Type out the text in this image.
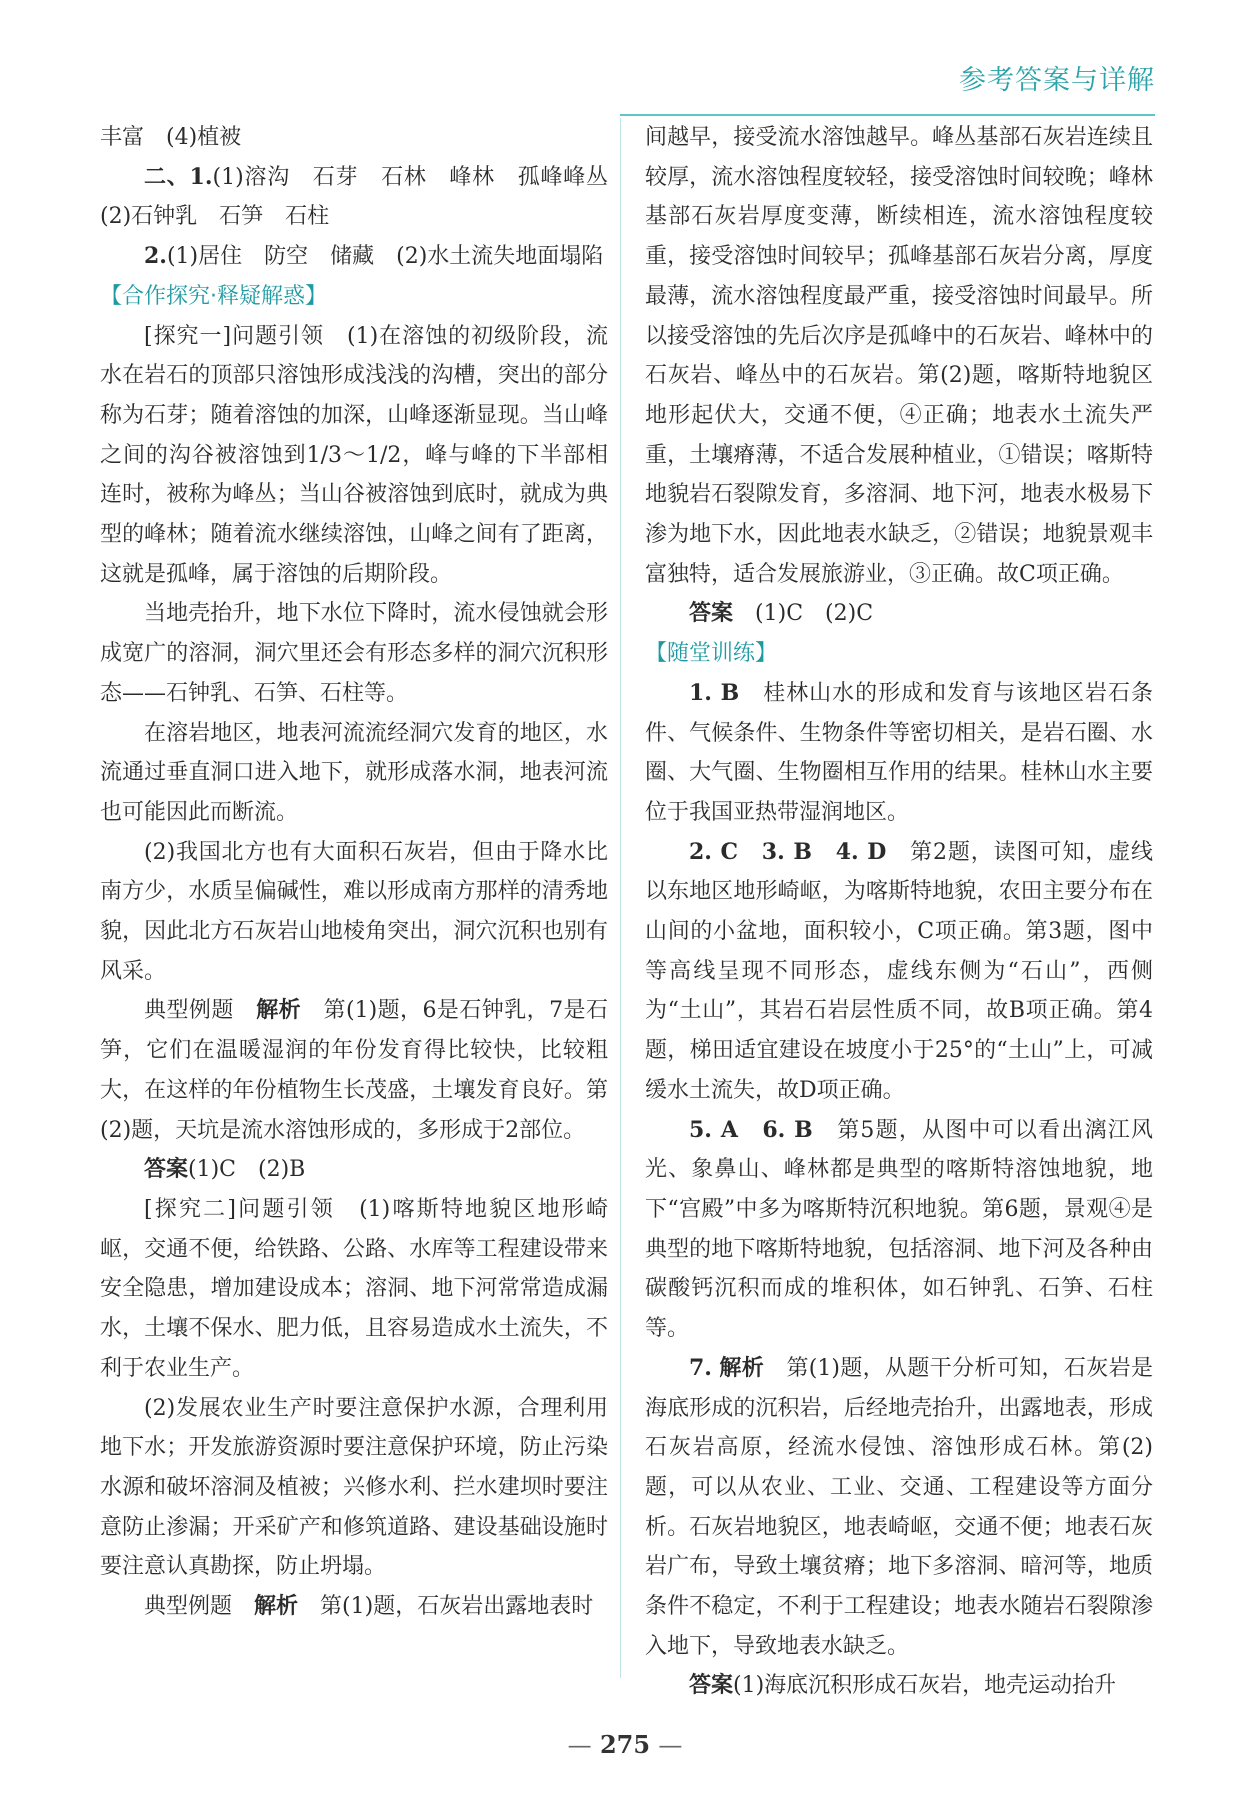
参考答案与详解

丰富　(4)植被

二、1.(1)溶沟　石芽　石林　峰林　孤峰峰丛　(2)石钟乳　石笋　石柱

2.(1)居住　防空　储藏　(2)水土流失地面塌陷

【合作探究·释疑解惑】

[探究一]问题引领　(1)在溶蚀的初级阶段，流水在岩石的顶部只溶蚀形成浅浅的沟槽，突出的部分称为石芽；随着溶蚀的加深，山峰逐渐显现。当山峰之间的沟谷被溶蚀到1/3～1/2，峰与峰的下半部相连时，被称为峰丛；当山谷被溶蚀到底时，就成为典型的峰林；随着流水继续溶蚀，山峰之间有了距离，这就是孤峰，属于溶蚀的后期阶段。

当地壳抬升，地下水位下降时，流水侵蚀就会形成宽广的溶洞，洞穴里还会有形态多样的洞穴沉积形态——石钟乳、石笋、石柱等。

在溶岩地区，地表河流流经洞穴发育的地区，水流通过垂直洞口进入地下，就形成落水洞，地表河流也可能因此而断流。

(2)我国北方也有大面积石灰岩，但由于降水比南方少，水质呈偏碱性，难以形成南方那样的清秀地貌，因此北方石灰岩山地棱角突出，洞穴沉积也别有风采。

典型例题　解析　 第(1)题，6是石钟乳，7是石笋，它们在温暖湿润的年份发育得比较快，比较粗大，在这样的年份植物生长茂盛，土壤发育良好。第(2)题，天坑是流水溶蚀形成的，多形成于2部位。

答案(1)C　(2)B

[探究二]问题引领　(1)喀斯特地貌区地形崎岖，交通不便，给铁路、公路、水库等工程建设带来安全隐患，增加建设成本；溶洞、地下河常常造成漏水，土壤不保水、肥力低，且容易造成水土流失，不利于农业生产。

(2)发展农业生产时要注意保护水源，合理利用地下水；开发旅游资源时要注意保护环境，防止污染水源和破坏溶洞及植被；兴修水利、拦水建坝时要注意防止渗漏；开采矿产和修筑道路、建设基础设施时要注意认真勘探，防止坍塌。

典型例题　解析　 第(1)题，石灰岩出露地表时

间越早，接受流水溶蚀越早。峰丛基部石灰岩连续且较厚，流水溶蚀程度较轻，接受溶蚀时间较晚；峰林基部石灰岩厚度变薄，断续相连，流水溶蚀程度较重，接受溶蚀时间较早；孤峰基部石灰岩分离，厚度最薄，流水溶蚀程度最严重，接受溶蚀时间最早。所以接受溶蚀的先后次序是孤峰中的石灰岩、峰林中的石灰岩、峰丛中的石灰岩。第(2)题，喀斯特地貌区地形起伏大，交通不便，④正确；地表水土流失严重，土壤瘠薄，不适合发展种植业，①错误；喀斯特地貌岩石裂隙发育，多溶洞、地下河，地表水极易下渗为地下水，因此地表水缺乏，②错误；地貌景观丰富独特，适合发展旅游业，③正确。故C项正确。

答案　 (1)C　(2)C

【随堂训练】

1. B　 桂林山水的形成和发育与该地区岩石条件、气候条件、生物条件等密切相关，是岩石圈、水圈、大气圈、生物圈相互作用的结果。桂林山水主要位于我国亚热带湿润地区。

2. C　3. B　4. D　 第2题，读图可知，虚线以东地区地形崎岖，为喀斯特地貌，农田主要分布在山间的小盆地，面积较小，C项正确。第3题，图中等高线呈现不同形态，虚线东侧为“石山”，西侧为“土山”，其岩石岩层性质不同，故B项正确。第4题，梯田适宜建设在坡度小于25°的“土山”上，可减缓水土流失，故D项正确。

5. A　6. B　 第5题，从图中可以看出漓江风光、象鼻山、峰林都是典型的喀斯特溶蚀地貌，地下“宫殿”中多为喀斯特沉积地貌。第6题，景观④是典型的地下喀斯特地貌，包括溶洞、地下河及各种由碳酸钙沉积而成的堆积体，如石钟乳、石笋、石柱等。

7. 解析　 第(1)题，从题干分析可知，石灰岩是海底形成的沉积岩，后经地壳抬升，出露地表，形成石灰岩高原，经流水侵蚀、溶蚀形成石林。第(2)题，可以从农业、工业、交通、工程建设等方面分析。石灰岩地貌区，地表崎岖，交通不便；地表石灰岩广布，导致土壤贫瘠；地下多溶洞、暗河等，地质条件不稳定，不利于工程建设；地表水随岩石裂隙渗入地下，导致地表水缺乏。

答案(1)海底沉积形成石灰岩，地壳运动抬升

— 275 —
